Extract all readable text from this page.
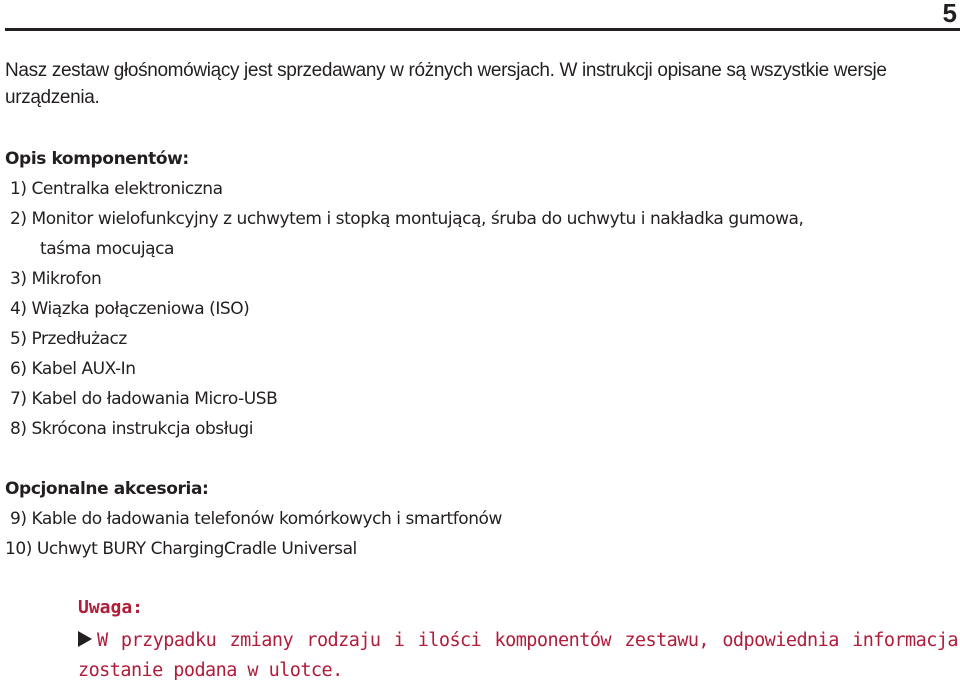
5

Nasz zestaw głośnomówiący jest sprzedawany w różnych wersjach. W instrukcji opisane są wszystkie wersje urządzenia.

Opis komponentów:
1) Centralka elektroniczna
2) Monitor wielofunkcyjny z uchwytem i stopką montującą, śruba do uchwytu i nakładka gumowa,
taśma mocująca
3) Mikrofon
4) Wiązka połączeniowa (ISO)
5) Przedłużacz
6) Kabel AUX-In
7) Kabel do ładowania Micro-USB
8) Skrócona instrukcja obsługi
Opcjonalne akcesoria:
9) Kable do ładowania telefonów komórkowych i smartfonów
10) Uchwyt BURY ChargingCradle Universal

Uwaga:

W przypadku zmiany rodzaju i ilości komponentów zestawu, odpowiednia informacja zostanie podana w ulotce.
